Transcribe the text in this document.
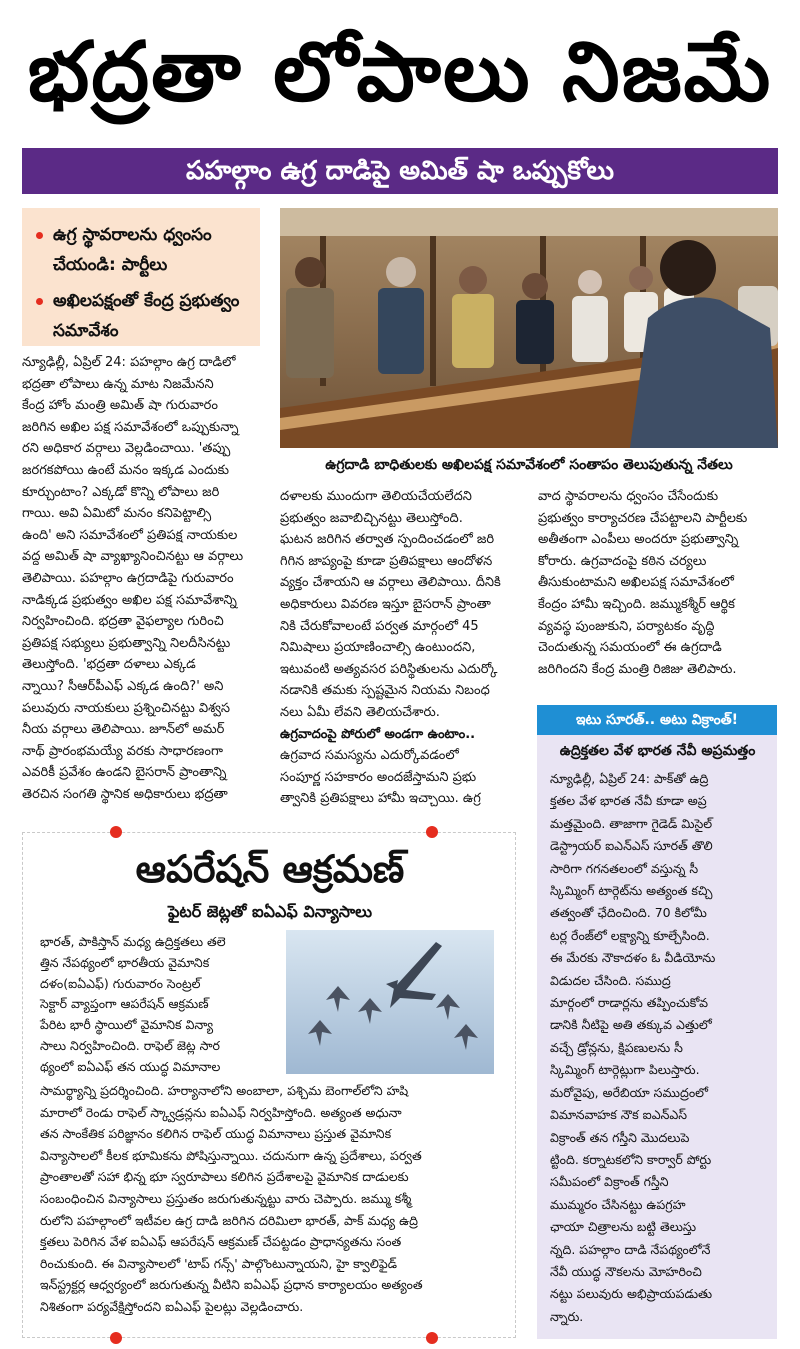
భద్రతా లోపాలు నిజమే
పహల్గాం ఉగ్ర దాడిపై అమిత్‌ షా ఒప్పుకోలు
ఉగ్ర స్థావరాలను ధ్వంసం చేయండి: పార్టీలు
అఖిలపక్షంతో కేంద్ర ప్రభుత్వం సమావేశం
ఉగ్రదాడి బాధితులకు అఖిలపక్ష సమావేశంలో సంతాపం తెలుపుతున్న నేతలు

న్యూఢిల్లీ, ఏప్రిల్‌ 24: పహల్గాం ఉగ్ర దాడిలో

భద్రతా లోపాలు ఉన్న మాట నిజమేనని

కేంద్ర హోం మంత్రి అమిత్‌ షా గురువారం

జరిగిన అఖిల పక్ష సమావేశంలో ఒప్పుకున్నా

రని అధికార వర్గాలు వెల్లడించాయి. 'తప్పు

జరగకపోయి ఉంటే మనం ఇక్కడ ఎందుకు

కూర్చుంటాం? ఎక్కడో కొన్ని లోపాలు జరి

గాయి. అవి ఏమిటో మనం కనిపెట్టాల్సి

ఉంది' అని సమావేశంలో ప్రతిపక్ష నాయకుల

వద్ద అమిత్‌ షా వ్యాఖ్యానించినట్టు ఆ వర్గాలు

తెలిపాయి. పహల్గాం ఉగ్రదాడిపై గురువారం

నాడిక్కడ ప్రభుత్వం అఖిల పక్ష సమావేశాన్ని

నిర్వహించింది. భద్రతా వైఫల్యాల గురించి

ప్రతిపక్ష సభ్యులు ప్రభుత్వాన్ని నిలదీసినట్టు

తెలుస్తోంది. 'భద్రతా దళాలు ఎక్కడ

న్నాయి? సీఆర్‌పీఎఫ్‌ ఎక్కడ ఉంది?' అని

పలువురు నాయకులు ప్రశ్నించినట్టు విశ్వస

నీయ వర్గాలు తెలిపాయి. జూన్‌లో అమర్‌

నాథ్‌ ప్రారంభమయ్యే వరకు సాధారణంగా

ఎవరికీ ప్రవేశం ఉండని బైసరాన్‌ ప్రాంతాన్ని

తెరచిన సంగతి స్థానిక అధికారులు భద్రతా

దళాలకు ముందుగా తెలియచేయలేదని

ప్రభుత్వం జవాబిచ్చినట్టు తెలుస్తోంది.

ఘటన జరిగిన తర్వాత స్పందించడంలో జరి

గిగిన జాప్యంపై కూడా ప్రతిపక్షాలు ఆందోళన

వ్యక్తం చేశాయని ఆ వర్గాలు తెలిపాయి. దీనికి

అధికారులు వివరణ ఇస్తూ బైసరాన్‌ ప్రాంతా

నికి చేరుకోవాలంటే పర్వత మార్గంలో 45

నిమిషాలు ప్రయాణించాల్సి ఉంటుందని,

ఇటువంటి అత్యవసర పరిస్థితులను ఎదుర్కో

నడానికి తమకు స్పష్టమైన నియమ నిబంధ

నలు ఏమీ లేవని తెలియచేశారు.

ఉగ్రవాదంపై పోరులో అండగా ఉంటాం..

ఉగ్రవాద సమస్యను ఎదుర్కోవడంలో

సంపూర్ణ సహకారం అందజేస్తామని ప్రభు

త్వానికి ప్రతిపక్షాలు హామీ ఇచ్చాయి. ఉగ్ర

వాద స్థావరాలను ధ్వంసం చేసేందుకు

ప్రభుత్వం కార్యాచరణ చేపట్టాలని పార్టీలకు

అతీతంగా ఎంపీలు అందరూ ప్రభుత్వాన్ని

కోరారు. ఉగ్రవాదంపై కఠిన చర్యలు

తీసుకుంటామని అఖిలపక్ష సమావేశంలో

కేంద్రం హామీ ఇచ్చింది. జమ్ముకశ్మీర్‌ ఆర్థిక

వ్యవస్థ పుంజుకుని, పర్యాటకం వృద్ధి

చెందుతున్న సమయంలో ఈ ఉగ్రదాడి

జరిగిందని కేంద్ర మంత్రి రిజిజు తెలిపారు.

ఇటు సూరత్‌.. అటు విక్రాంత్‌!
ఉద్రిక్తతల వేళ భారత నేవీ అప్రమత్తం

న్యూఢిల్లీ, ఏప్రిల్‌ 24: పాక్‌తో ఉద్రి

క్తతల వేళ భారత నేవీ కూడా అప్ర

మత్తమైంది. తాజాగా గైడెడ్‌ మిసైల్‌

డెస్ట్రాయర్‌ ఐఎన్‌ఎస్‌ సూరత్‌ తొలి

సారిగా గగనతలంలో వస్తున్న సీ

స్కిమ్మింగ్‌ టార్గెట్‌ను అత్యంత కచ్చి

తత్వంతో ఛేదించింది. 70 కిలోమీ

టర్ల రేంజ్‌లో లక్ష్యాన్ని కూల్చేసింది.

ఈ మేరకు నౌకాదళం ఓ వీడియోను

విడుదల చేసింది. సముద్ర

మార్గంలో రాడార్లను తప్పించుకోవ

డానికి నీటిపై అతి తక్కువ ఎత్తులో

వచ్చే డ్రోన్లను, క్షిపణులను సీ

స్కిమ్మింగ్‌ టార్గెట్లుగా పిలుస్తారు.

మరోవైపు, అరేబియా సముద్రంలో

విమానవాహక నౌక ఐఎన్‌ఎస్‌

విక్రాంత్‌ తన గస్తీని మొదలుపె

ట్టింది. కర్నాటకలోని కార్వార్‌ పోర్టు

సమీపంలో విక్రాంత్‌ గస్తీని

ముమ్మరం చేసినట్టు ఉపగ్రహ

ఛాయా చిత్రాలను బట్టి తెలుస్తు

న్నది. పహల్గాం దాడి నేపథ్యంలోనే

నేవీ యుద్ధ నౌకలను మోహరించి

నట్టు పలువురు అభిప్రాయపడుతు

న్నారు.

ఆపరేషన్‌ ఆక్రమణ్‌
ఫైటర్‌ జెట్లతో ఐఏఎఫ్‌ విన్యాసాలు

భారత్‌, పాకిస్తాన్‌ మధ్య ఉద్రిక్తతలు తలె

త్తిన నేపథ్యంలో భారతీయ వైమానిక

దళం(ఐఏఎఫ్‌) గురువారం సెంట్రల్‌

సెక్టార్‌ వ్యాప్తంగా ఆపరేషన్‌ ఆక్రమణ్‌

పేరిట భారీ స్థాయిలో వైమానిక విన్యా

సాలు నిర్వహించింది. రాఫెల్‌ జెట్ల సార

థ్యంలో ఐఏఎఫ్‌ తన యుద్ధ విమానాల

సామర్థ్యాన్ని ప్రదర్శించింది. హర్యానాలోని అంబాలా, పశ్చిమ బెంగాల్‌లోని హషి

మారాలో రెండు రాఫెల్‌ స్క్వాడ్రన్లను ఐఏఎఫ్‌ నిర్వహిస్తోంది. అత్యంత అధునా

తన సాంకేతిక పరిజ్ఞానం కలిగిన రాఫెల్‌ యుద్ధ విమానాలు ప్రస్తుత వైమానిక

విన్యాసాలలో కీలక భూమికను పోషిస్తున్నాయి. చదునుగా ఉన్న ప్రదేశాలు, పర్వత

ప్రాంతాలతో సహా భిన్న భూ స్వరూపాలు కలిగిన ప్రదేశాలపై వైమానిక దాడులకు

సంబంధించిన విన్యాసాలు ప్రస్తుతం జరుగుతున్నట్టు వారు చెప్పారు. జమ్ము కశ్మీ

రులోని పహల్గాంలో ఇటీవల ఉగ్ర దాడి జరిగిన దరిమిలా భారత్‌, పాక్‌ మధ్య ఉద్రి

క్తతలు పెరిగిన వేళ ఐఏఎఫ్‌ ఆపరేషన్‌ ఆక్రమణ్‌ చేపట్టడం ప్రాధాన్యతను సంత

రించుకుంది. ఈ విన్యాసాలలో 'టాప్‌ గన్స్‌' పాల్గొంటున్నాయని, హై క్వాలిఫైడ్‌

ఇన్‌స్ట్రక్టర్ల ఆధ్వర్యంలో జరుగుతున్న వీటిని ఐఏఎఫ్‌ ప్రధాన కార్యాలయం అత్యంత

నిశితంగా పర్యవేక్షిస్తోందని ఐఏఎఫ్‌ పైలట్లు వెల్లడించారు.
